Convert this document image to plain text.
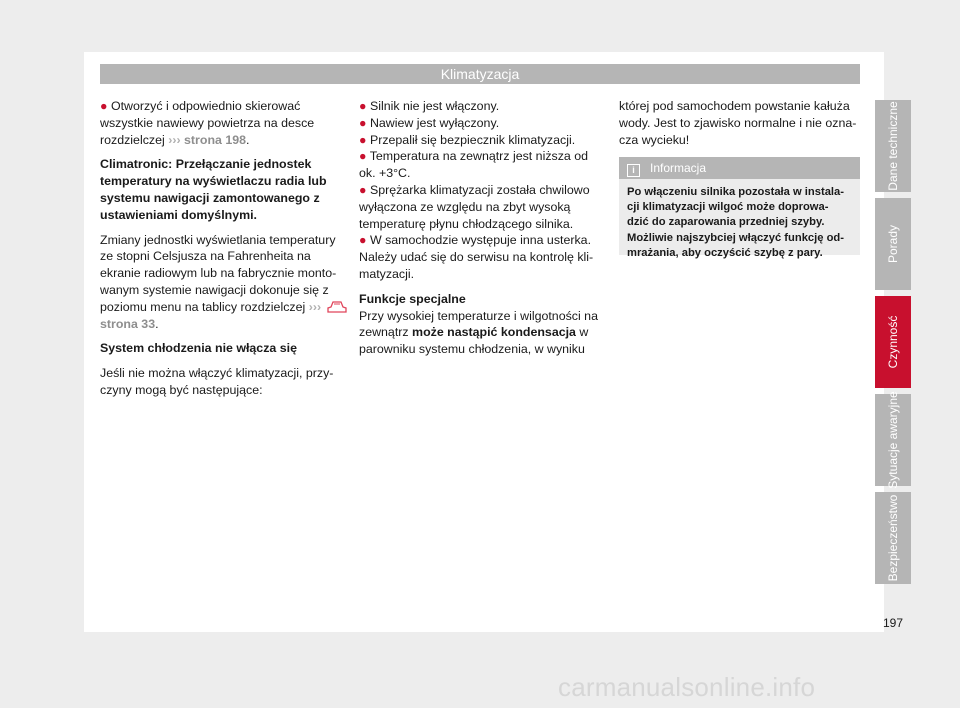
Klimatyzacja

● Otworzyć i odpowiednio skierować wszystkie nawiewy powietrza na desce rozdzielczej ››› strona 198.

Climatronic: Przełączanie jednostek temperatury na wyświetlaczu radia lub systemu nawigacji zamontowanego z ustawieniami domyślnymi.

Zmiany jednostki wyświetlania temperatury ze stopni Celsjusza na Fahrenheita na ekranie radiowym lub na fabrycznie monto- wanym systemie nawigacji dokonuje się z poziomu menu na tablicy rozdzielczej ›››  strona 33.

System chłodzenia nie włącza się

Jeśli nie można włączyć klimatyzacji, przy- czyny mogą być następujące:

● Silnik nie jest włączony.

● Nawiew jest wyłączony.

● Przepalił się bezpiecznik klimatyzacji.

● Temperatura na zewnątrz jest niższa od ok. +3°C.

● Sprężarka klimatyzacji została chwilowo wyłączona ze względu na zbyt wysoką temperaturę płynu chłodzącego silnika.

● W samochodzie występuje inna usterka. Należy udać się do serwisu na kontrolę kli- matyzacji.

Funkcje specjalne

Przy wysokiej temperaturze i wilgotności na zewnątrz może nastąpić kondensacja w parowniku systemu chłodzenia, w wyniku

której pod samochodem powstanie kałuża wody. Jest to zjawisko normalne i nie ozna- cza wycieku!

i Informacja
Po włączeniu silnika pozostała w instala- cji klimatyzacji wilgoć może doprowa- dzić do zaparowania przedniej szyby. Możliwie najszybciej włączyć funkcję od- mrażania, aby oczyścić szybę z pary.
Dane techniczne
Porady
Czynność
Sytuacje awaryjne
Bezpieczeństwo
197
carmanualsonline.info
